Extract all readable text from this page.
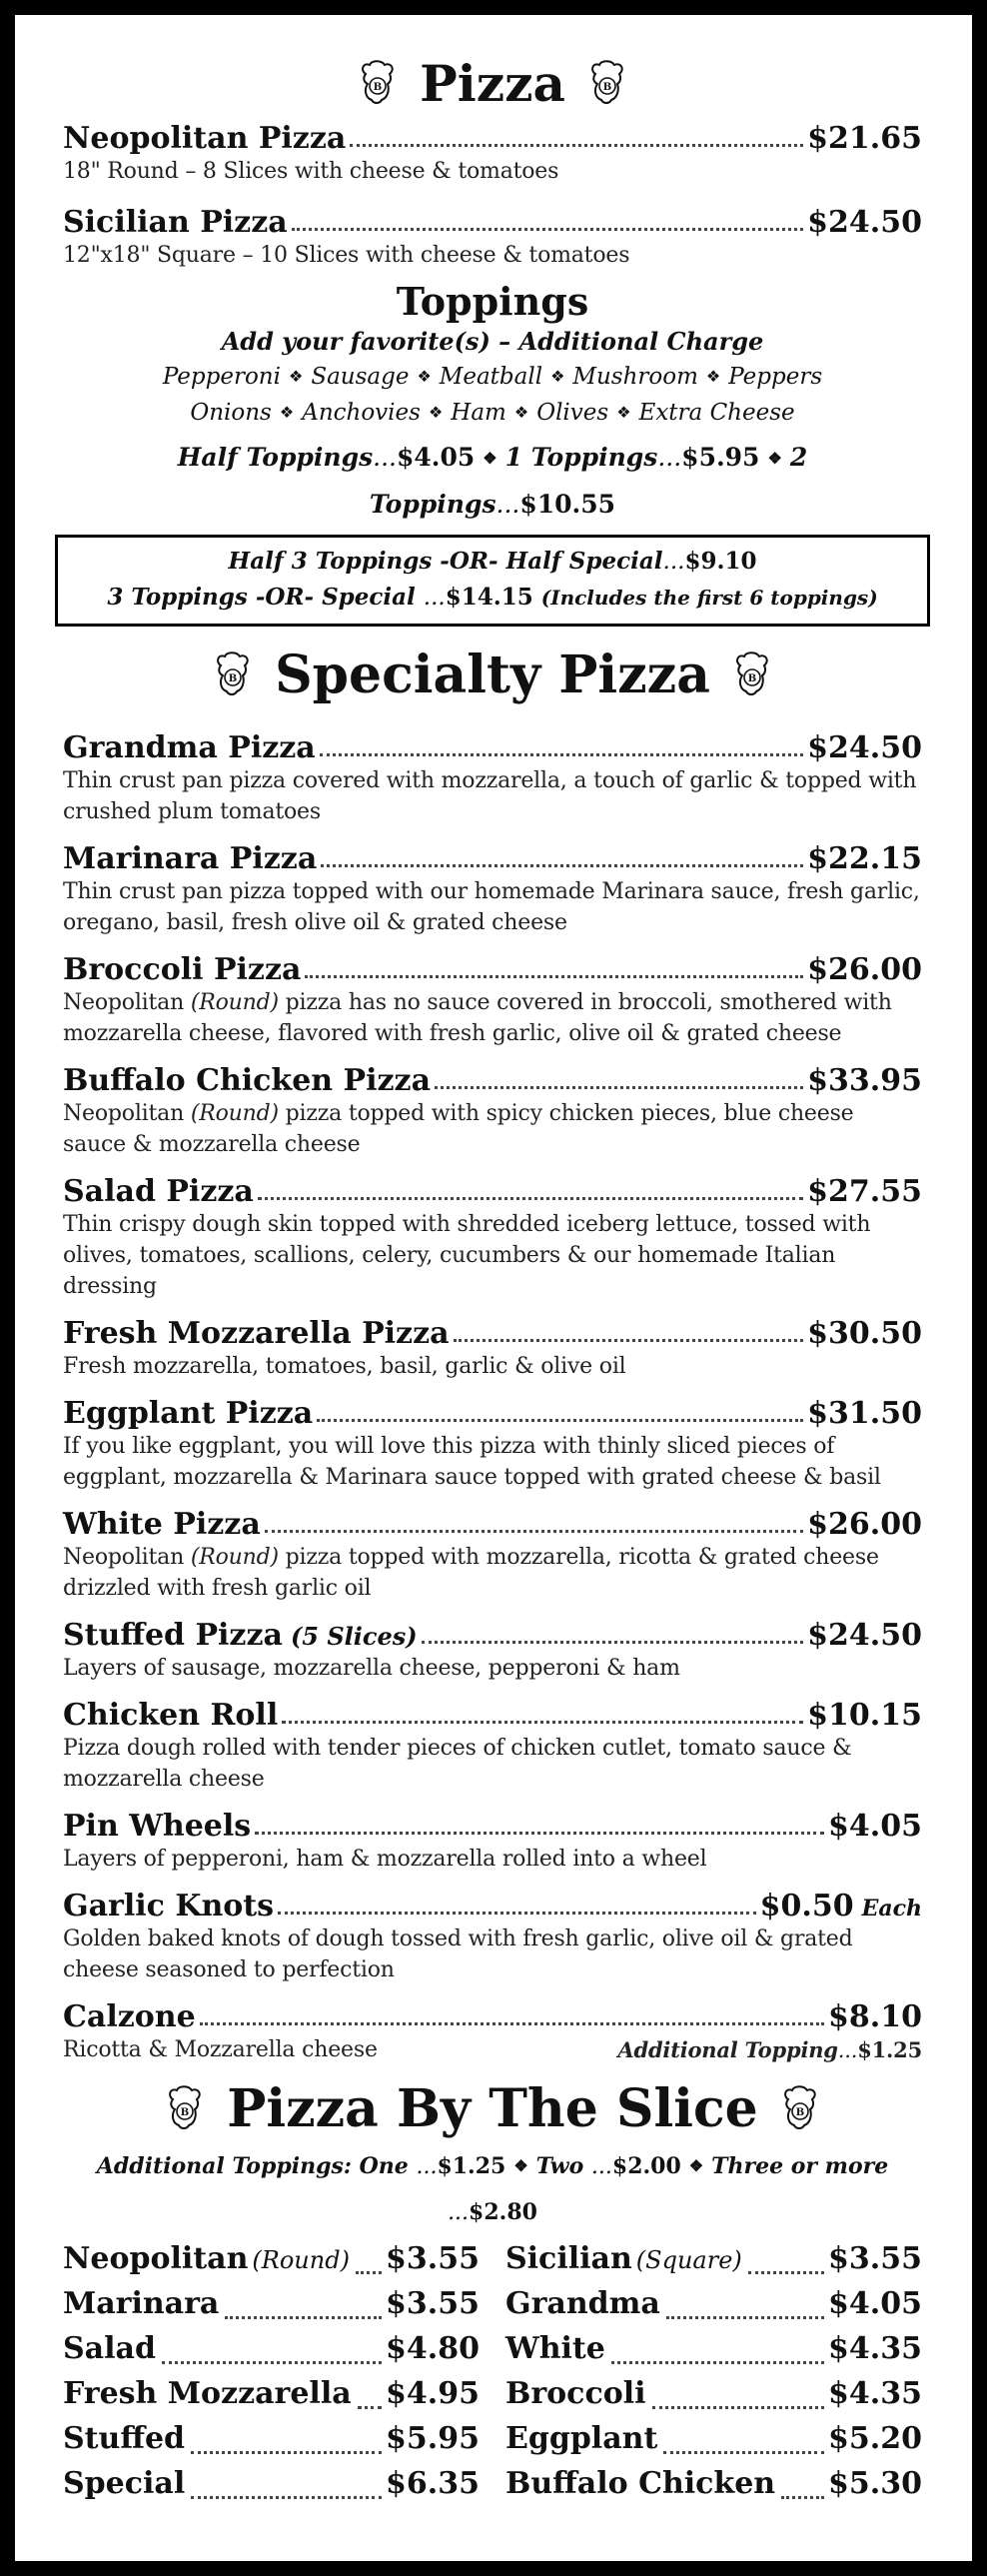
B Pizza	B
Neopolitan Pizza	$21.65
18" Round – 8 Slices with cheese & tomatoes
Sicilian Pizza	$24.50
12"x18" Square – 10 Slices with cheese & tomatoes
Toppings
Add your favorite(s) – Additional Charge
Pepperoni ❖ Sausage ❖ Meatball ❖ Mushroom ❖ Peppers
Onions ❖ Anchovies ❖ Ham ❖ Olives ❖ Extra Cheese
Half Toppings...$4.05 ❖ 1 Toppings...$5.95 ❖ 2 Toppings...$10.55
Half 3 Toppings -OR- Half Special...$9.10
3 Toppings -OR- Special ...$14.15 (Includes the first 6 toppings)
B Specialty Pizza	B
Grandma Pizza	$24.50
Thin crust pan pizza covered with mozzarella, a touch of garlic & topped with crushed plum tomatoes
Marinara Pizza	$22.15
Thin crust pan pizza topped with our homemade Marinara sauce, fresh garlic, oregano, basil, fresh olive oil & grated cheese
Broccoli Pizza	$26.00
Neopolitan (Round) pizza has no sauce covered in broccoli, smothered with mozzarella cheese, flavored with fresh garlic, olive oil & grated cheese
Buffalo Chicken Pizza	$33.95
Neopolitan (Round) pizza topped with spicy chicken pieces, blue cheese sauce & mozzarella cheese
Salad Pizza	$27.55
Thin crispy dough skin topped with shredded iceberg lettuce, tossed with olives, tomatoes, scallions, celery, cucumbers & our homemade Italian dressing
Fresh Mozzarella Pizza	$30.50
Fresh mozzarella, tomatoes, basil, garlic & olive oil
Eggplant Pizza	$31.50
If you like eggplant, you will love this pizza with thinly sliced pieces of eggplant, mozzarella & Marinara sauce topped with grated cheese & basil
White Pizza	$26.00
Neopolitan (Round) pizza topped with mozzarella, ricotta & grated cheese drizzled with fresh garlic oil
Stuffed Pizza (5 Slices)	$24.50
Layers of sausage, mozzarella cheese, pepperoni & ham
Chicken Roll	$10.15
Pizza dough rolled with tender pieces of chicken cutlet, tomato sauce & mozzarella cheese
Pin Wheels	$4.05
Layers of pepperoni, ham & mozzarella rolled into a wheel
Garlic Knots	$0.50 Each
Golden baked knots of dough tossed with fresh garlic, olive oil & grated cheese seasoned to perfection
Calzone	$8.10
Ricotta & Mozzarella cheese	Additional Topping...$1.25
B Pizza By The Slice	B
Additional Toppings: One ...$1.25 ❖ Two ...$2.00 ❖ Three or more ...$2.80
Neopolitan (Round) $3.55
Marinara	$3.55
Salad	$4.80
Fresh Mozzarella $4.95
Stuffed	$5.95
Special	$6.35
Sicilian (Square)	$3.55
Grandma	$4.05
White	$4.35
Broccoli	$4.35
Eggplant	$5.20
Buffalo Chicken $5.30
